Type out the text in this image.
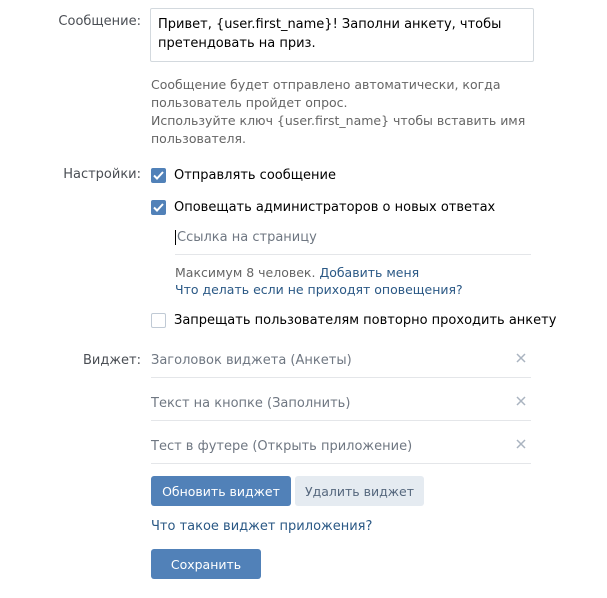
Сообщение:	Привет, {user.first_name}! Заполни анкету, чтобы претендовать на приз.
Сообщение будет отправлено автоматически, когда
пользователь пройдет опрос.
Используйте ключ {user.first_name} чтобы вставить имя
пользователя.
Настройки:	Отправлять сообщение
Оповещать администраторов о новых ответах
Ссылка на страницу
Максимум 8 человек. Добавить меня
Что делать если не приходят оповещения?
Запрещать пользователям повторно проходить анкету
Виджет: Заголовок виджета (Анкеты)
Текст на кнопке (Заполнить)
Тест в футере (Открыть приложение)
Обновить виджет	Удалить виджет
Что такое виджет приложения?
Сохранить
